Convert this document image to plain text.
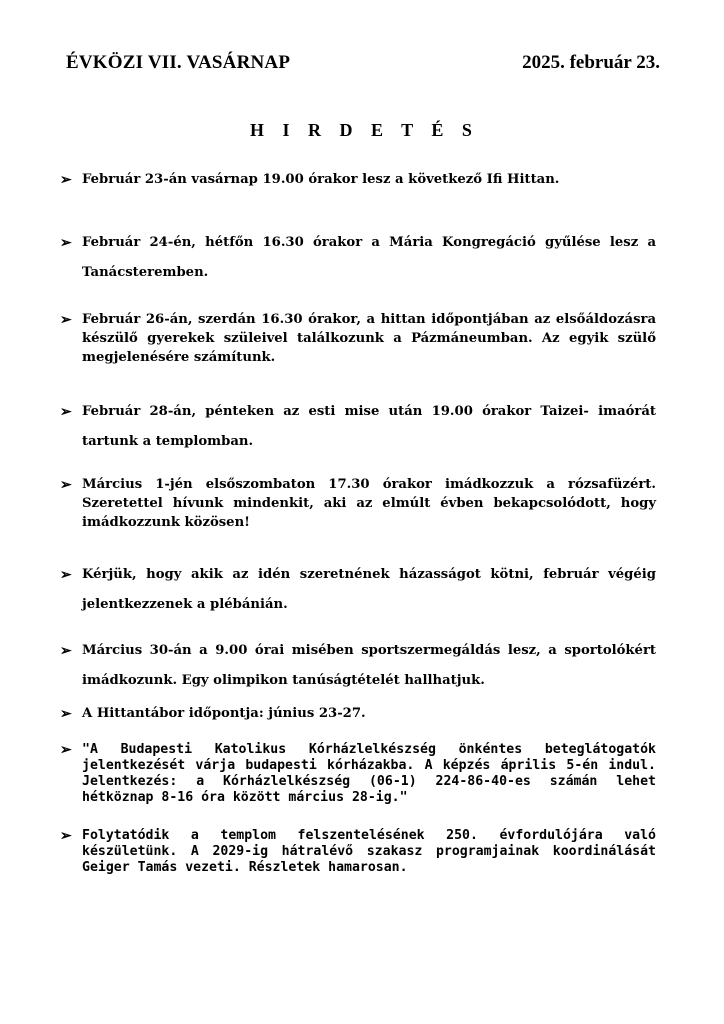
ÉVKÖZI VII. VASÁRNAP	2025. február 23.
H I R D E T É S
➢ Február 23-án vasárnap 19.00 órakor lesz a következő Ifi Hittan.
➢ Február 24-én, hétfőn 16.30 órakor a Mária Kongregáció gyűlése lesz a Tanácsteremben.
➢ Február 26-án, szerdán 16.30 órakor, a hittan időpontjában az elsőáldozásra készülő gyerekek szüleivel találkozunk a Pázmáneumban. Az egyik szülő megjelenésére számítunk.
➢ Február 28-án, pénteken az esti mise után 19.00 órakor Taizei- imaórát tartunk a templomban.
➢ Március 1-jén elsőszombaton 17.30 órakor imádkozzuk a rózsafüzért. Szeretettel hívunk mindenkit, aki az elmúlt évben bekapcsolódott, hogy imádkozzunk közösen!
➢ Kérjük, hogy akik az idén szeretnének házasságot kötni, február végéig jelentkezzenek a plébánián.
➢ Március 30-án a 9.00 órai misében sportszermegáldás lesz, a sportolókért imádkozunk. Egy olimpikon tanúságtételét hallhatjuk.
➢ A Hittantábor időpontja: június 23-27.
➢ "A Budapesti Katolikus Kórházlelkészség önkéntes beteglátogatók jelentkezését várja budapesti kórházakba. A képzés április 5-én indul. Jelentkezés: a Kórházlelkészség (06-1) 224-86-40-es számán lehet hétköznap 8-16 óra között március 28-ig."
➢ Folytatódik a templom felszentelésének 250. évfordulójára való készületünk. A 2029-ig hátralévő szakasz programjainak koordinálását Geiger Tamás vezeti. Részletek hamarosan.
